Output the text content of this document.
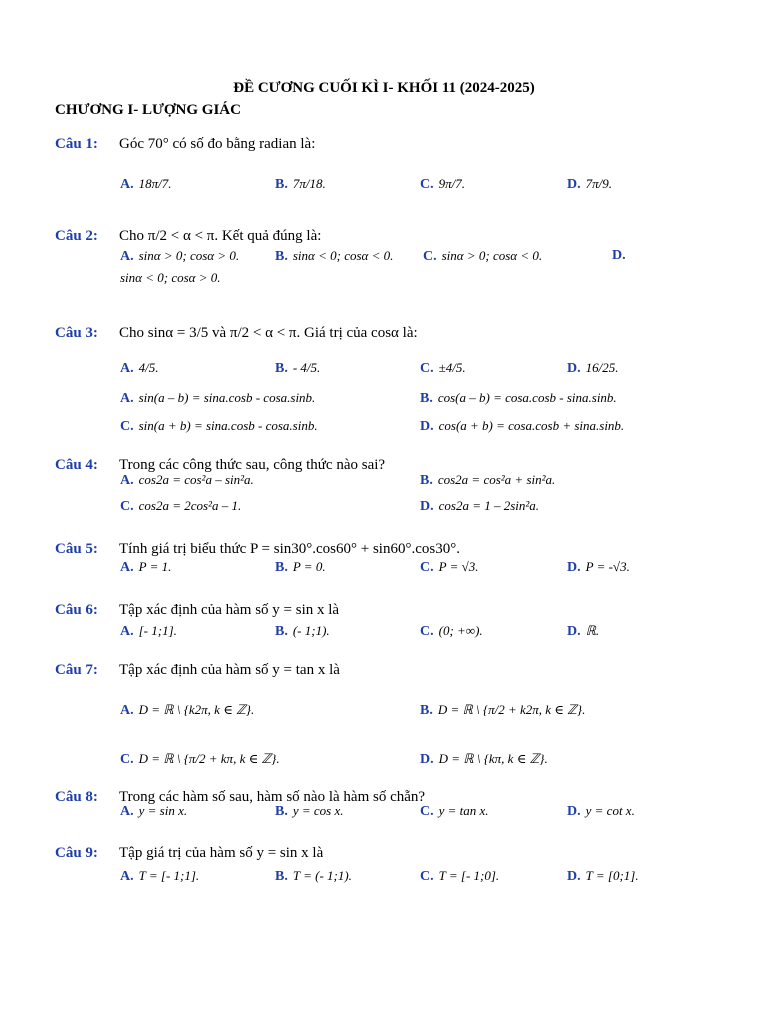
ĐỀ CƯƠNG CUỐI KÌ I- KHỐI 11 (2024-2025)
CHƯƠNG I- LƯỢNG GIÁC
Câu 1: Góc 70° có số đo bằng radian là:
A. 18π/7.	B. 7π/18.	C. 9π/7.	D. 7π/9.
Câu 2: Cho π/2 < α < π. Kết quả đúng là:
A. sinα > 0; cosα > 0.	B. sinα < 0; cosα < 0. C. sinα > 0; cosα < 0.	D.
sinα < 0; cosα > 0.
Câu 3: Cho sinα = 3/5 và π/2 < α < π. Giá trị của cosα là:
A. 4/5.	B. - 4/5.	C. ±4/5.	D. 16/25.
A. sin(a – b) = sina.cosb - cosa.sinb.	B. cos(a – b) = cosa.cosb - sina.sinb.
C. sin(a + b) = sina.cosb - cosa.sinb.	D. cos(a + b) = cosa.cosb + sina.sinb.
Câu 4: Trong các công thức sau, công thức nào sai?
A. cos2a = cos²a – sin²a.	B. cos2a = cos²a + sin²a.
C. cos2a = 2cos²a – 1.	D. cos2a = 1 – 2sin²a.
Câu 5: Tính giá trị biểu thức P = sin30°.cos60° + sin60°.cos30°.
A. P = 1.	B. P = 0.	C. P = √3.	D. P = -√3.
Câu 6: Tập xác định của hàm số y = sin x là
A. [- 1;1].	B. (- 1;1).	C. (0; +∞).	D. ℝ.
Câu 7: Tập xác định của hàm số y = tan x là
A. D = ℝ \ {k2π, k ∈ ℤ}.	B. D = ℝ \ {π/2 + k2π, k ∈ ℤ}.
C. D = ℝ \ {π/2 + kπ, k ∈ ℤ}.	D. D = ℝ \ {kπ, k ∈ ℤ}.
Câu 8: Trong các hàm số sau, hàm số nào là hàm số chẵn?
A. y = sin x.	B. y = cos x.	C. y = tan x.	D. y = cot x.
Câu 9: Tập giá trị của hàm số y = sin x là
A. T = [- 1;1].	B. T = (- 1;1).	C. T = [- 1;0].	D. T = [0;1].
